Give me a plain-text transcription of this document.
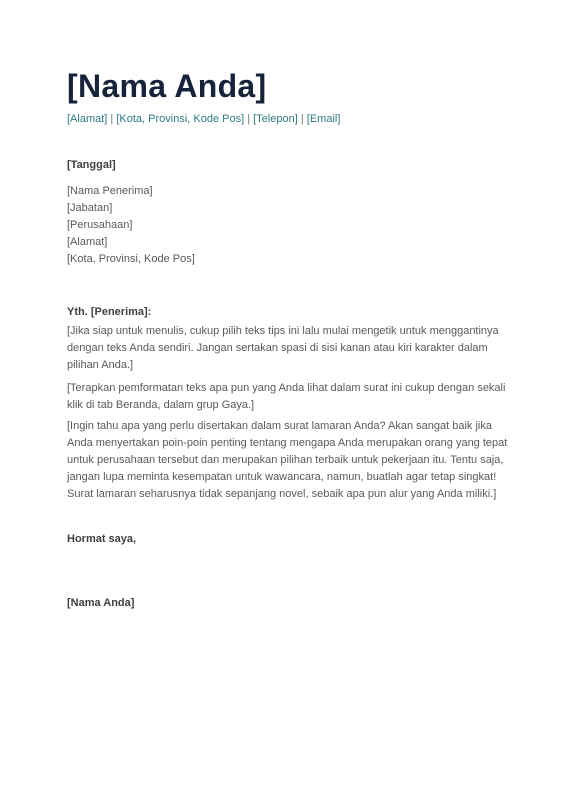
[Nama Anda]
[Alamat] | [Kota, Provinsi, Kode Pos] | [Telepon] | [Email]
[Tanggal]
[Nama Penerima]
[Jabatan]
[Perusahaan]
[Alamat]
[Kota, Provinsi, Kode Pos]
Yth. [Penerima]:

[Jika siap untuk menulis, cukup pilih teks tips ini lalu mulai mengetik untuk menggantinya
dengan teks Anda sendiri. Jangan sertakan spasi di sisi kanan atau kiri karakter dalam
pilihan Anda.]

[Terapkan pemformatan teks apa pun yang Anda lihat dalam surat ini cukup dengan sekali
klik di tab Beranda, dalam grup Gaya.]

[Ingin tahu apa yang perlu disertakan dalam surat lamaran Anda? Akan sangat baik jika
Anda menyertakan poin-poin penting tentang mengapa Anda merupakan orang yang tepat
untuk perusahaan tersebut dan merupakan pilihan terbaik untuk pekerjaan itu. Tentu saja,
jangan lupa meminta kesempatan untuk wawancara, namun, buatlah agar tetap singkat!
Surat lamaran seharusnya tidak sepanjang novel, sebaik apa pun alur yang Anda miliki.]

Hormat saya,
[Nama Anda]
